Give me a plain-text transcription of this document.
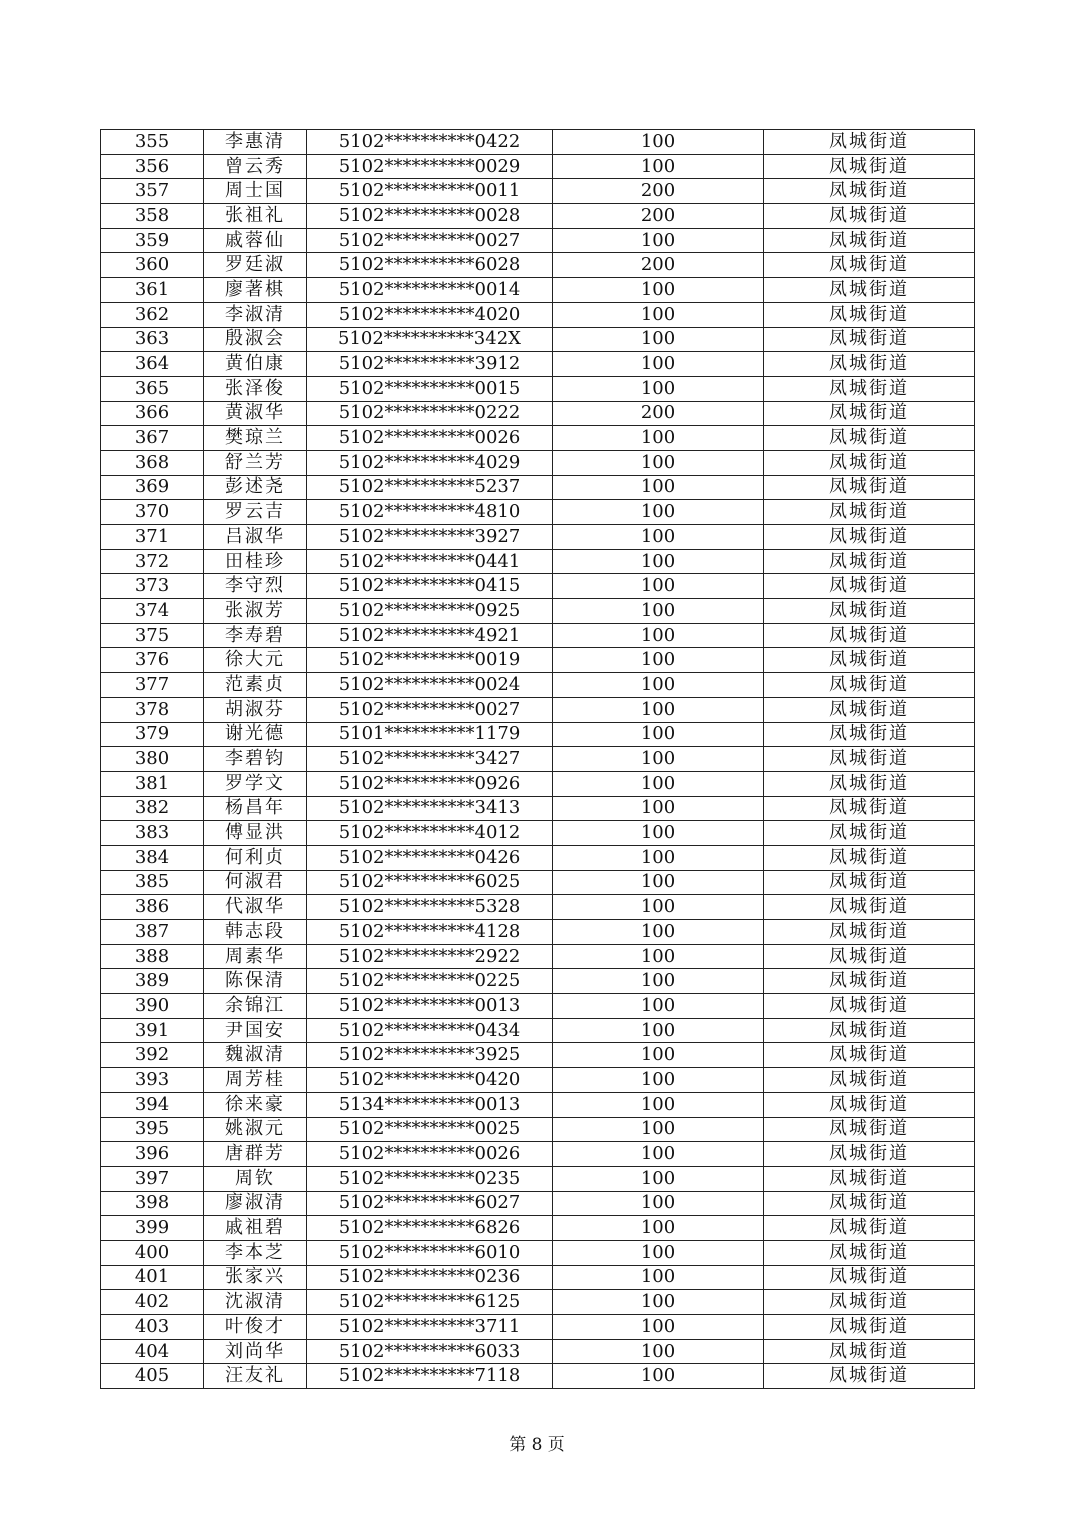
355	李惠清	5102**********0422	100	凤城街道
356	曾云秀	5102**********0029	100	凤城街道
357	周士国	5102**********0011	200	凤城街道
358	张祖礼	5102**********0028	200	凤城街道
359	戚蓉仙	5102**********0027	100	凤城街道
360	罗廷淑	5102**********6028	200	凤城街道
361	廖著棋	5102**********0014	100	凤城街道
362	李淑清	5102**********4020	100	凤城街道
363	殷淑会	5102**********342X	100	凤城街道
364	黄伯康	5102**********3912	100	凤城街道
365	张泽俊	5102**********0015	100	凤城街道
366	黄淑华	5102**********0222	200	凤城街道
367	樊琼兰	5102**********0026	100	凤城街道
368	舒兰芳	5102**********4029	100	凤城街道
369	彭述尧	5102**********5237	100	凤城街道
370	罗云吉	5102**********4810	100	凤城街道
371	吕淑华	5102**********3927	100	凤城街道
372	田桂珍	5102**********0441	100	凤城街道
373	李守烈	5102**********0415	100	凤城街道
374	张淑芳	5102**********0925	100	凤城街道
375	李寿碧	5102**********4921	100	凤城街道
376	徐大元	5102**********0019	100	凤城街道
377	范素贞	5102**********0024	100	凤城街道
378	胡淑芬	5102**********0027	100	凤城街道
379	谢光德	5101**********1179	100	凤城街道
380	李碧钧	5102**********3427	100	凤城街道
381	罗学文	5102**********0926	100	凤城街道
382	杨昌年	5102**********3413	100	凤城街道
383	傅显洪	5102**********4012	100	凤城街道
384	何利贞	5102**********0426	100	凤城街道
385	何淑君	5102**********6025	100	凤城街道
386	代淑华	5102**********5328	100	凤城街道
387	韩志段	5102**********4128	100	凤城街道
388	周素华	5102**********2922	100	凤城街道
389	陈保清	5102**********0225	100	凤城街道
390	余锦江	5102**********0013	100	凤城街道
391	尹国安	5102**********0434	100	凤城街道
392	魏淑清	5102**********3925	100	凤城街道
393	周芳桂	5102**********0420	100	凤城街道
394	徐来豪	5134**********0013	100	凤城街道
395	姚淑元	5102**********0025	100	凤城街道
396	唐群芳	5102**********0026	100	凤城街道
397	周钦	5102**********0235	100	凤城街道
398	廖淑清	5102**********6027	100	凤城街道
399	戚祖碧	5102**********6826	100	凤城街道
400	李本芝	5102**********6010	100	凤城街道
401	张家兴	5102**********0236	100	凤城街道
402	沈淑清	5102**********6125	100	凤城街道
403	叶俊才	5102**********3711	100	凤城街道
404	刘尚华	5102**********6033	100	凤城街道
405	汪友礼	5102**********7118	100	凤城街道
第 8 页
